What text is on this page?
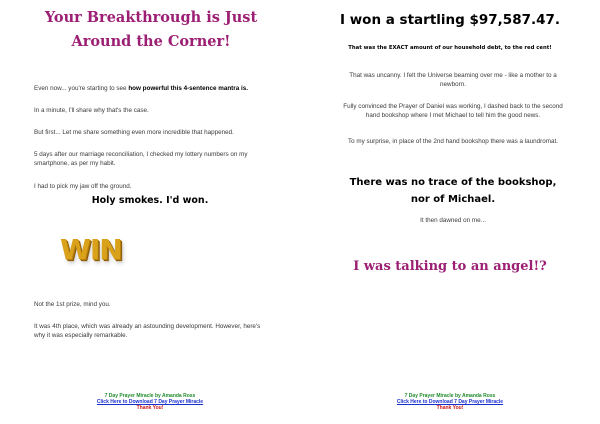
Your Breakthrough is Just Around the Corner!

Even now... you're starting to see how powerful this 4-sentence mantra is.

In a minute, I'll share why that's the case.

But first... Let me share something even more incredible that happened.

5 days after our marriage reconciliation, I checked my lottery numbers on my smartphone, as per my habit.

I had to pick my jaw off the ground.

Holy smokes. I'd won.
WIN

Not the 1st prize, mind you.

It was 4th place, which was already an astounding development. However, here's why it was especially remarkable.

7 Day Prayer Miracle by Amanda Ross
Click Here to Download 7 Day Prayer Miracle
Thank You!
I won a startling $97,587.47.
That was the EXACT amount of our household debt, to the red cent!

That was uncanny. I felt the Universe beaming over me - like a mother to a newborn.

Fully convinced the Prayer of Daniel was working, I dashed back to the second hand bookshop where I met Michael to tell him the good news.

To my surprise, in place of the 2nd hand bookshop there was a laundromat.

There was no trace of the bookshop, nor of Michael.

It then dawned on me...

I was talking to an angel!?
7 Day Prayer Miracle by Amanda Ross
Click Here to Download 7 Day Prayer Miracle
Thank You!
